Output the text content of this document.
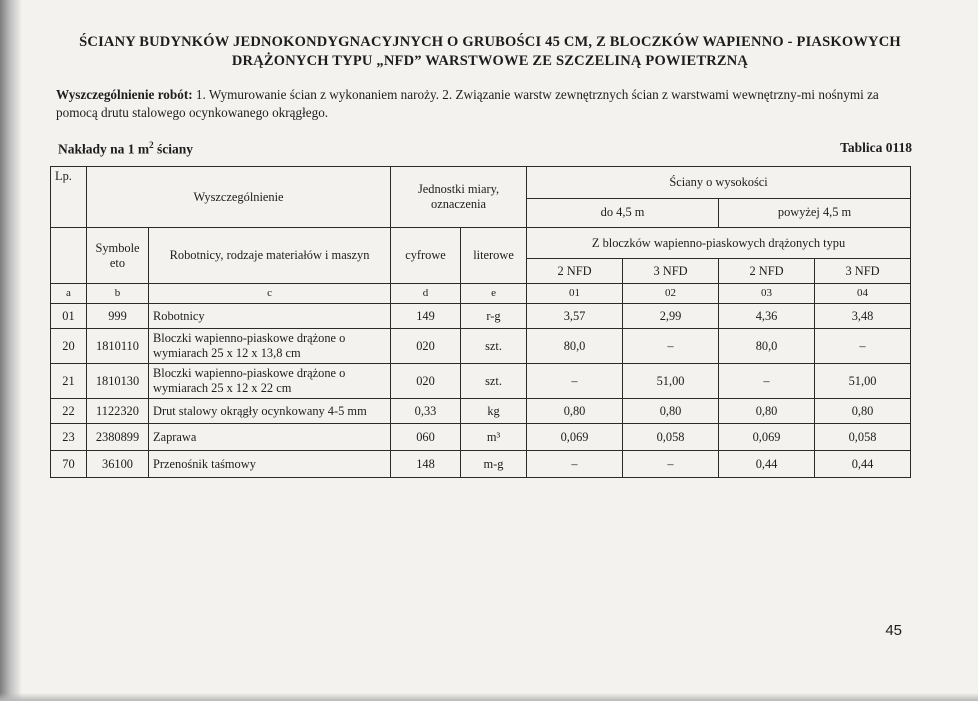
ŚCIANY BUDYNKÓW JEDNOKONDYGNACYJNYCH O GRUBOŚCI 45 CM, Z BLOCZKÓW WAPIENNO - PIASKOWYCH
DRĄŻONYCH TYPU „NFD” WARSTWOWE ZE SZCZELINĄ POWIETRZNĄ
Wyszczególnienie robót: 1. Wymurowanie ścian z wykonaniem naroży. 2. Związanie warstw zewnętrznych ścian z warstwami wewnętrzny-mi nośnymi za pomocą drutu stalowego ocynkowanego okrągłego.
Nakłady na 1 $m^2$ ściany	Tablica 0118
Lp.	Wyszczególnienie		Jednostki miary, oznaczenia		Ściany o wysokości			
					do 4,5 m		powyżej 4,5 m	
	Symbole eto	Robotnicy, rodzaje materiałów i maszyn	cyfrowe	literowe	Z bloczków wapienno-piaskowych drążonych typu			
					2 NFD	3 NFD	2 NFD	3 NFD
a	b	c	d	e	01	02	03	04
01	999	Robotnicy	149	r-g	3,57	2,99	4,36	3,48
20	1810110	Bloczki wapienno-piaskowe drążone o wymiarach 25 x 12 x 13,8 cm	020	szt.	80,0	–	80,0	–
21	1810130	Bloczki wapienno-piaskowe drążone o wymiarach 25 x 12 x 22 cm	020	szt.	–	51,00	–	51,00
22	1122320	Drut stalowy okrągły ocynkowany 4-5 mm	0,33	kg	0,80	0,80	0,80	0,80
23	2380899	Zaprawa	060	m³	0,069	0,058	0,069	0,058
70	36100	Przenośnik taśmowy	148	m-g	–	–	0,44	0,44
45
